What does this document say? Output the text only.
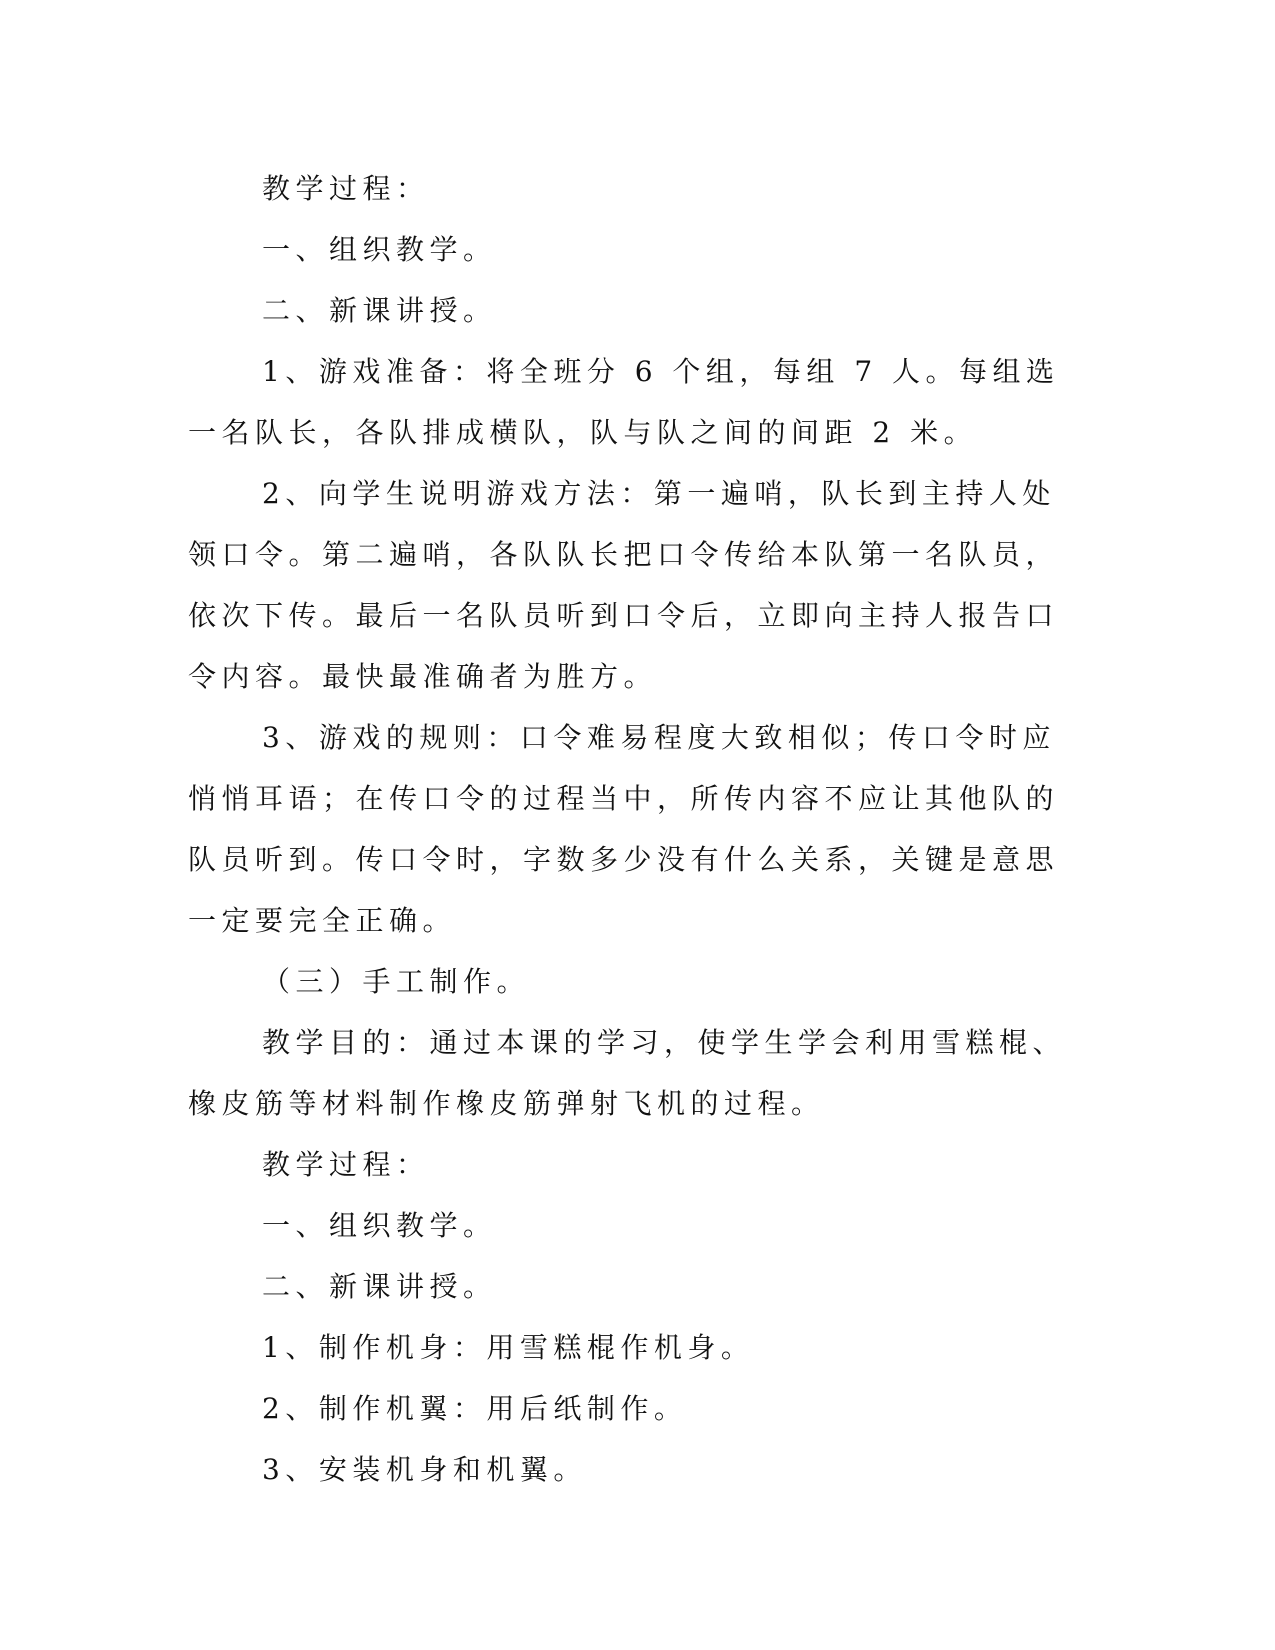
教学过程：

一、组织教学。

二、新课讲授。

1、游戏准备：将全班分 6 个组，每组 7 人。每组选一名队长，各队排成横队，队与队之间的间距 2 米。

2、向学生说明游戏方法：第一遍哨，队长到主持人处领口令。第二遍哨，各队队长把口令传给本队第一名队员，依次下传。最后一名队员听到口令后，立即向主持人报告口令内容。最快最准确者为胜方。

3、游戏的规则：口令难易程度大致相似；传口令时应悄悄耳语；在传口令的过程当中，所传内容不应让其他队的队员听到。传口令时，字数多少没有什么关系，关键是意思一定要完全正确。

（三）手工制作。

教学目的：通过本课的学习，使学生学会利用雪糕棍、橡皮筋等材料制作橡皮筋弹射飞机的过程。

教学过程：

一、组织教学。

二、新课讲授。

1、制作机身：用雪糕棍作机身。

2、制作机翼：用后纸制作。

3、安装机身和机翼。
